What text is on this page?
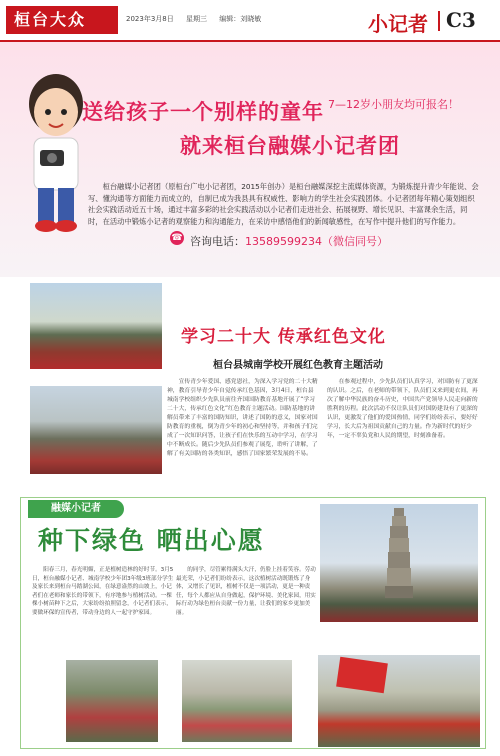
桓台大众	2023年3月8日 星期三 编辑：刘晓敏	小记者 C3
送给孩子一个别样的童年 7—12岁小朋友均可报名！
就来桓台融媒小记者团
桓台融媒小记者团（原桓台广电小记者团，2015年创办）是桓台融媒深挖主流媒体资源，为锻炼提升青少年能说、会写、懂沟通等方面能力而成立的，自制已成为我县具有权威性、影响力的学生社会实践团体。小记者团每年精心策划组织社会实践活动近五十场，通过丰富多彩的社会实践活动以小记者们走进社会、拓展视野、增长见识、丰富课余生活，同时，在活动中锻炼小记者的观察能力和沟通能力，在采访中感悟他们的新闻敏感性，在写作中提升他们的写作能力。
☎ 咨询电话：13589599234（微信同号）
学习二十大 传承红色文化
桓台县城南学校开展红色教育主题活动
宣传青少年爱国、感党恩社，为深入学习党的二十大精神，教育引导青少年自觉传承红色基因，3月4日，桓台县城南学校组织少先队员前往齐国国防教育基地开展了“学习二十大，传承红色文化”红色教育主题活动。国防基地的讲解员带来了丰富的国防知识，讲述了国防的意义，国家对国防教育的重视，倒为青少年的初心和坚持等，并和孩子们完成了一次知识问答，让孩子们在快乐的互动中学习，在学习中不断成长。随后少先队员们参观了展览，聆听了讲解，了解了有关国防的各类知识，感悟了国家繁荣发展的不易。
在参观过程中，少先队员们认真学习，对国防有了更深的认识。之后，在老师的带领下，队员们又来到更衣间，再次了解中华民族的奋斗历史，中国共产党领导人民走向新的胜利的历程。此次活动不仅让队员们对国防建设有了更深的认识，更激发了他们的爱国热情，同学们纷纷表示，要好好学习，长大后为祖国贡献自己的力量。作为新时代的好少年，一定不辜负党和人民的期望，时刻准备着。
融媒小记者
种下绿色 晒出心愿
阳春三月，春光明媚，正是植树造林的好时节。3月5日，桓台融媒小记者、城南学校少年团3年级3班部分学生及家长来到桓台马踏湖公园，在绿意盎然的山坡上，小记者们在老师和家长的带领下，有序地参与植树活动。一棵棵小树苗种下之后，大家纷纷拍照留念，小记者们表示，要做环保的宣传者，带动身边的人一起守护家园。
的同学，尽管累得满头大汗，仍脸上挂着笑容。劳动最光荣，小记者们纷纷表示，这次植树活动既锻炼了身体，又增长了见识，植树不仅是一项活动，更是一种责任，每个人都应从自身做起，保护环境、美化家园，用实际行动为绿色桓台贡献一份力量，让我们的家乡更加美丽。
